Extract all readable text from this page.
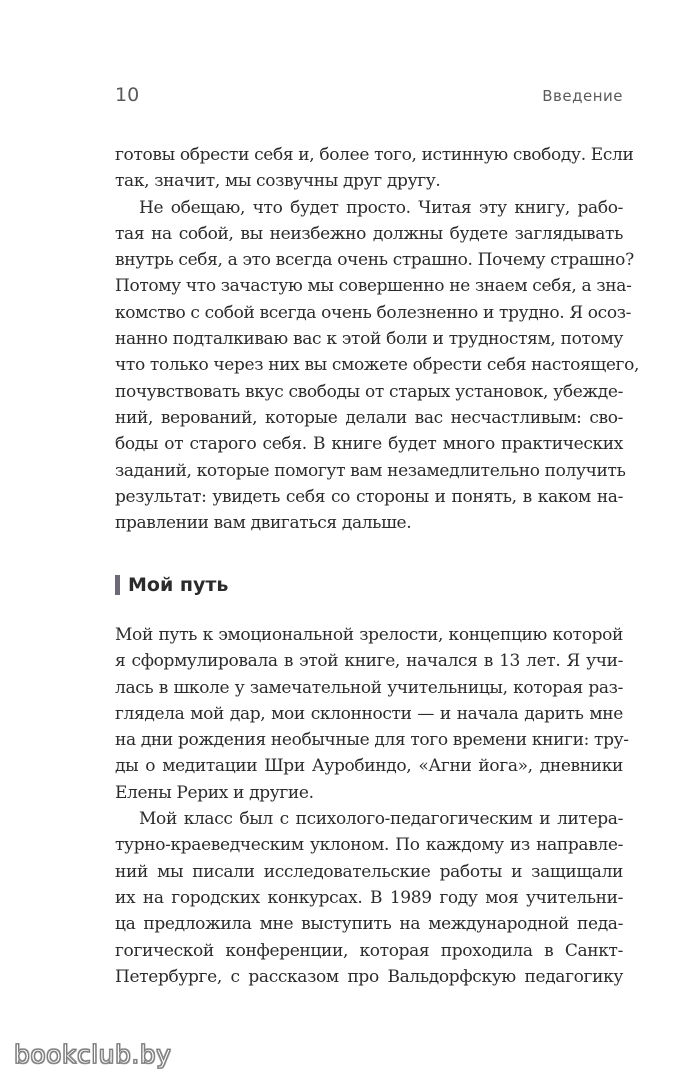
10	Введение
готовы обрести себя и, более того, истинную свободу. Если
так, значит, мы созвучны друг другу.
Не обещаю, что будет просто. Читая эту книгу, рабо-
тая на собой, вы неизбежно должны будете заглядывать
внутрь себя, а это всегда очень страшно. Почему страшно?
Потому что зачастую мы совершенно не знаем себя, а зна-
комство с собой всегда очень болезненно и трудно. Я осоз-
нанно подталкиваю вас к этой боли и трудностям, потому
что только через них вы сможете обрести себя настоящего,
почувствовать вкус свободы от старых установок, убежде-
ний, верований, которые делали вас несчастливым: сво-
боды от старого себя. В книге будет много практических
заданий, которые помогут вам незамедлительно получить
результат: увидеть себя со стороны и понять, в каком на-
правлении вам двигаться дальше.
Мой путь
Мой путь к эмоциональной зрелости, концепцию которой
я сформулировала в этой книге, начался в 13 лет. Я учи-
лась в школе у замечательной учительницы, которая раз-
глядела мой дар, мои склонности — и начала дарить мне
на дни рождения необычные для того времени книги: тру-
ды о медитации Шри Ауробиндо, «Агни йога», дневники
Елены Рерих и другие.
Мой класс был с психолого-педагогическим и литера-
турно-краеведческим уклоном. По каждому из направле-
ний мы писали исследовательские работы и защищали
их на городских конкурсах. В 1989 году моя учительни-
ца предложила мне выступить на международной педа-
гогической конференции, которая проходила в Санкт-
Петербурге, с рассказом про Вальдорфскую педагогику
bookclub.by
